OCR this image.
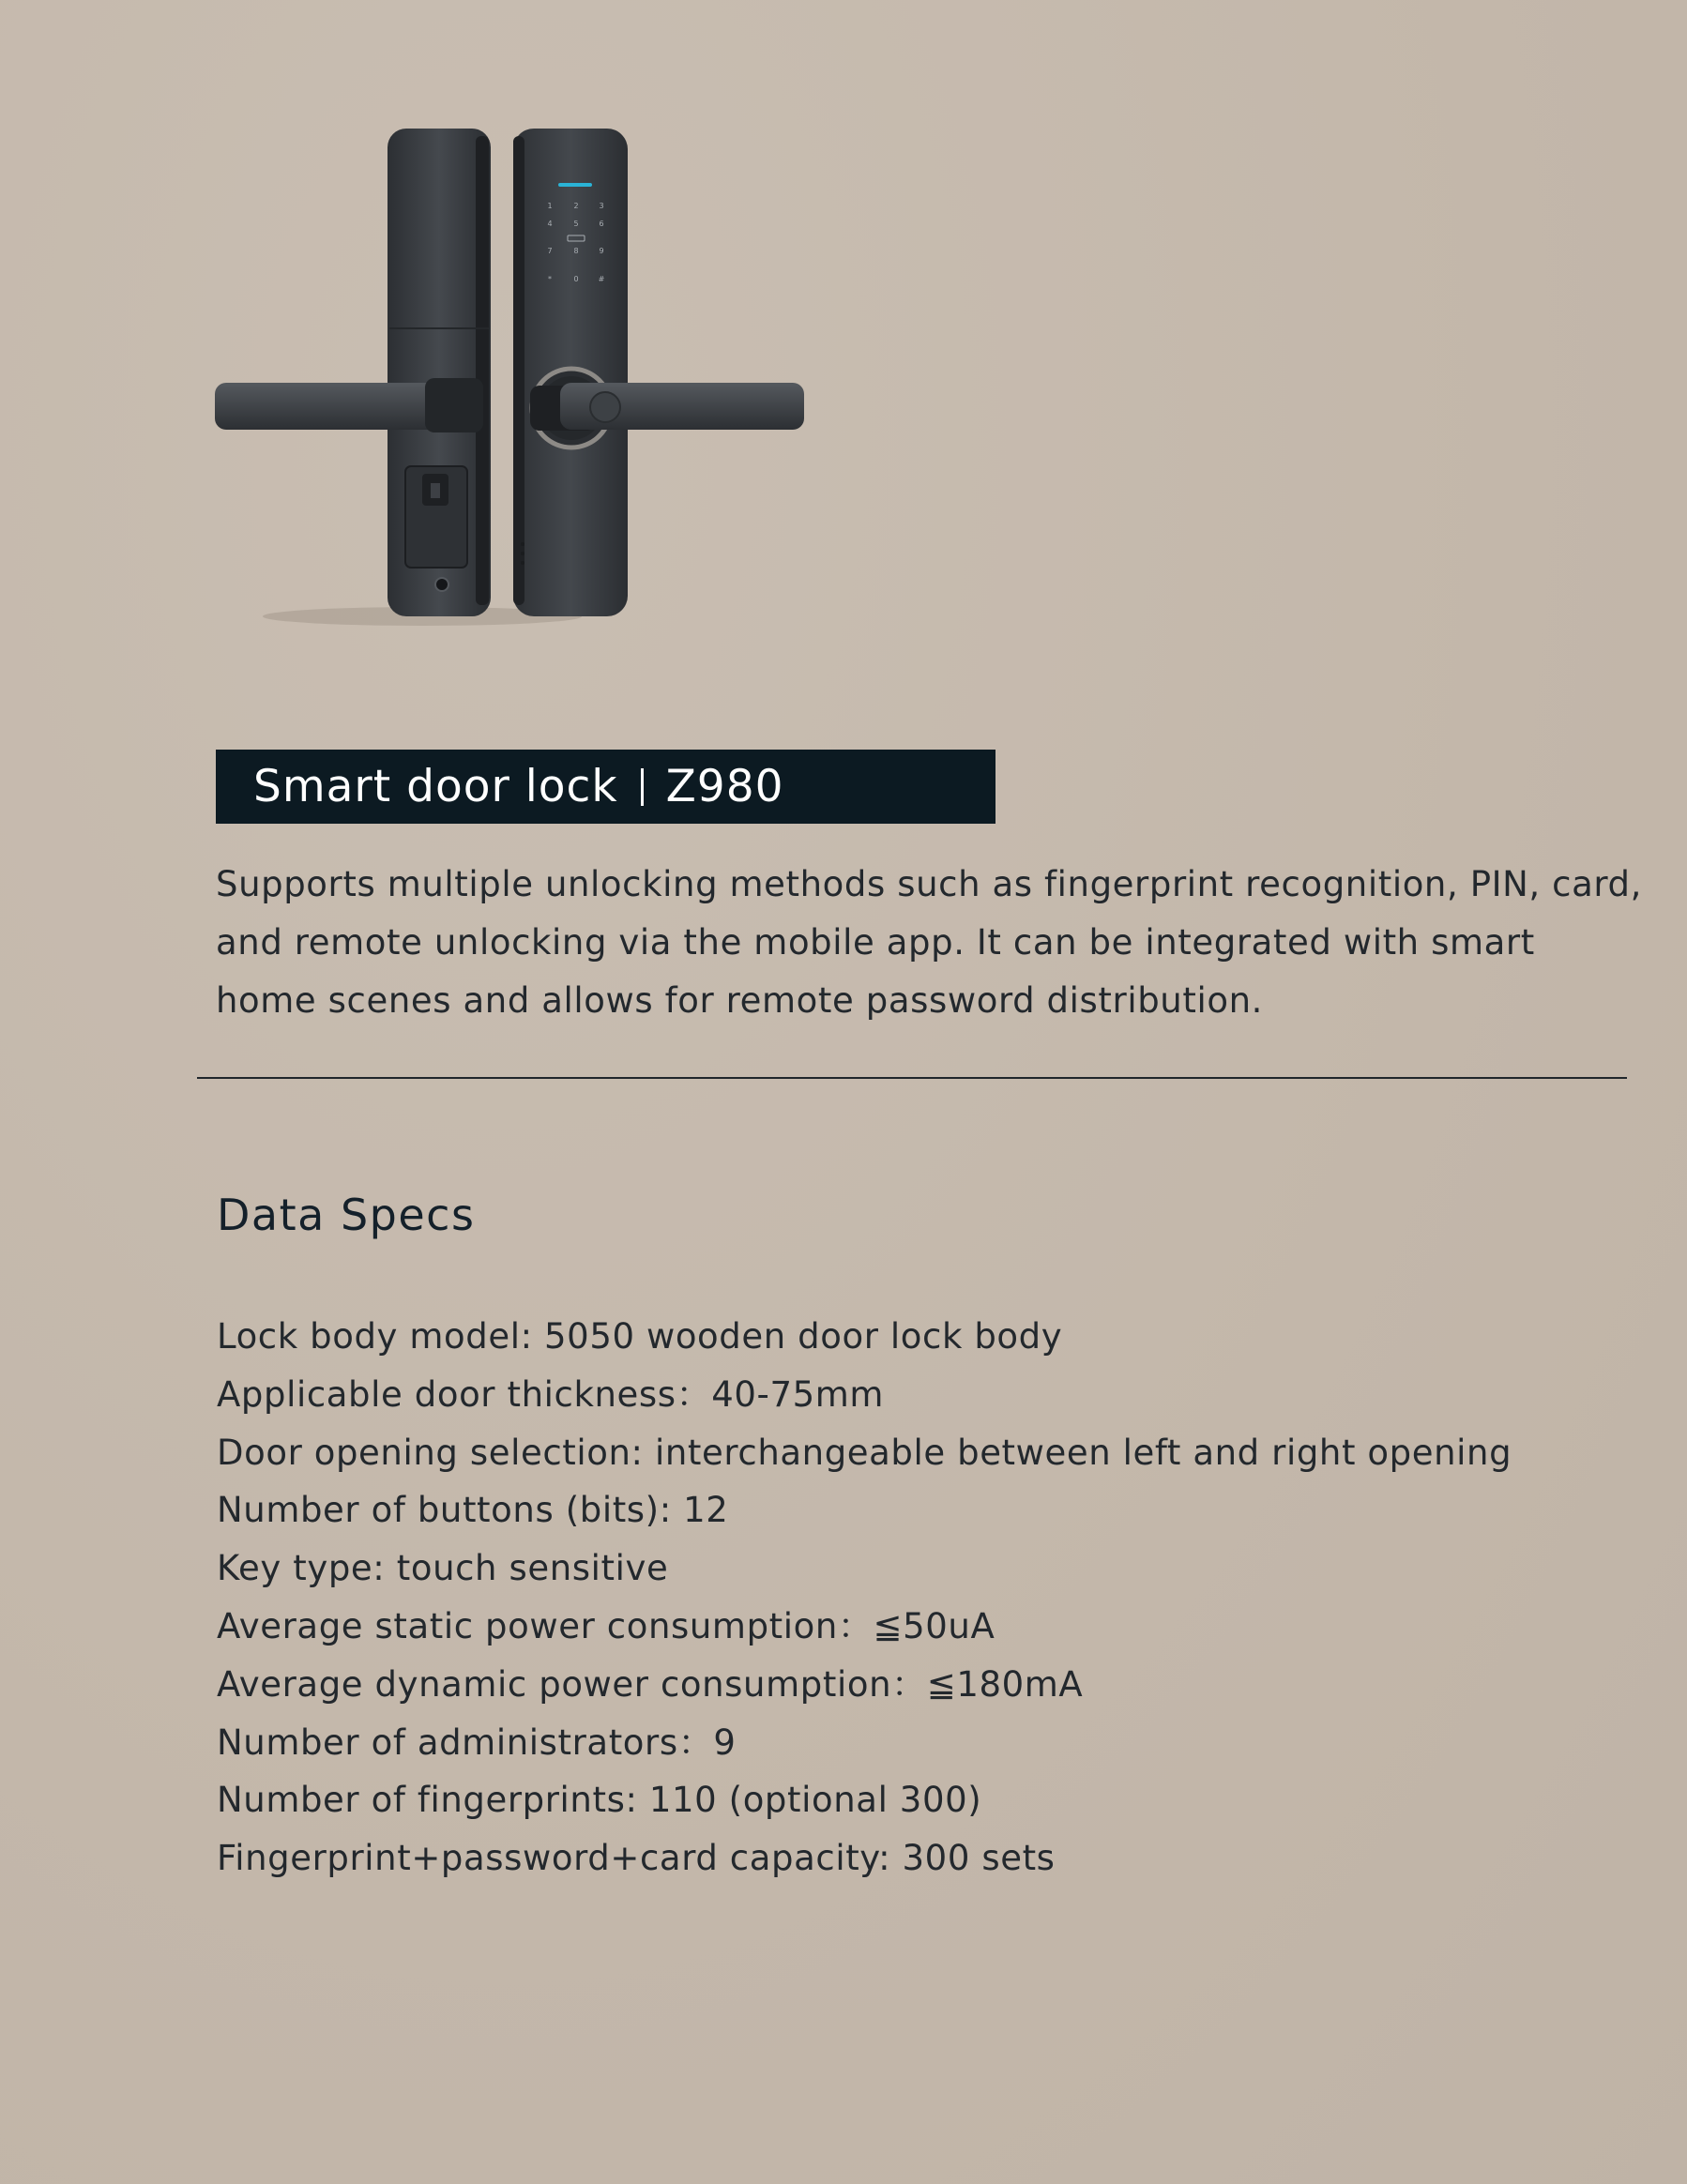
1	2	3
4	5	6
7	8	9
*	0	#
Smart door lock Z980

Supports multiple unlocking methods such as fingerprint recognition, PIN, card, and remote unlocking via the mobile app. It can be integrated with smart home scenes and allows for remote password distribution.

Data Specs
Lock body model: 5050 wooden door lock body
Applicable door thickness：40-75mm
Door opening selection: interchangeable between left and right opening
Number of buttons (bits): 12
Key type: touch sensitive
Average static power consumption：≦50uA
Average dynamic power consumption：≦180mA
Number of administrators：9
Number of fingerprints: 110 (optional 300)
Fingerprint+password+card capacity: 300 sets
